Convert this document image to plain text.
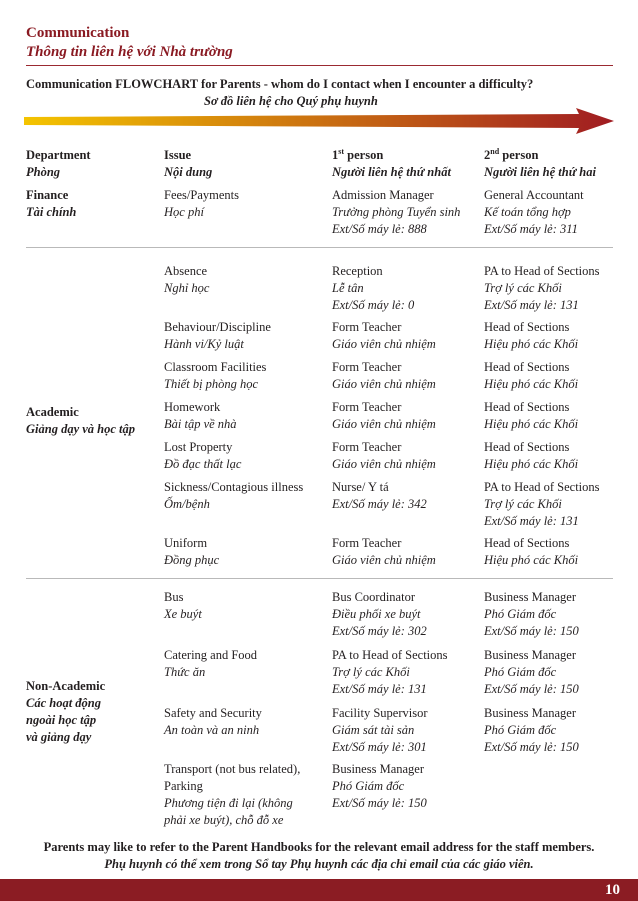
Communication
Thông tin liên hệ với Nhà trường
Communication FLOWCHART for Parents - whom do I contact when I encounter a difficulty?
Sơ đồ liên hệ cho Quý phụ huynh
Department
Phòng
Issue
Nội dung
1st person
Người liên hệ thứ nhất
2nd person
Người liên hệ thứ hai
Finance
Tài chính
Fees/Payments
Học phí
Admission Manager
Trưởng phòng Tuyển sinh
Ext/Số máy lẻ: 888
General Accountant
Kế toán tổng hợp
Ext/Số máy lẻ: 311
Academic
Giảng dạy và học tập
Absence
Nghỉ học
Reception
Lễ tân
Ext/Số máy lẻ: 0
PA to Head of Sections
Trợ lý các Khối
Ext/Số máy lẻ: 131
Behaviour/Discipline
Hành vi/Kỷ luật
Form Teacher
Giáo viên chủ nhiệm
Head of Sections
Hiệu phó các Khối
Classroom Facilities
Thiết bị phòng học
Form Teacher
Giáo viên chủ nhiệm
Head of Sections
Hiệu phó các Khối
Homework
Bài tập về nhà
Form Teacher
Giáo viên chủ nhiệm
Head of Sections
Hiệu phó các Khối
Lost Property
Đồ đạc thất lạc
Form Teacher
Giáo viên chủ nhiệm
Head of Sections
Hiệu phó các Khối
Sickness/Contagious illness
Ốm/bệnh
Nurse/ Y tá
Ext/Số máy lẻ: 342
PA to Head of Sections
Trợ lý các Khối
Ext/Số máy lẻ: 131
Uniform
Đồng phục
Form Teacher
Giáo viên chủ nhiệm
Head of Sections
Hiệu phó các Khối
Non-Academic
Các hoạt động
ngoài học tập
và giảng dạy
Bus
Xe buýt
Bus Coordinator
Điều phối xe buýt
Ext/Số máy lẻ: 302
Business Manager
Phó Giám đốc
Ext/Số máy lẻ: 150
Catering and Food
Thức ăn
PA to Head of Sections
Trợ lý các Khối
Ext/Số máy lẻ: 131
Business Manager
Phó Giám đốc
Ext/Số máy lẻ: 150
Safety and Security
An toàn và an ninh
Facility Supervisor
Giám sát tài sản
Ext/Số máy lẻ: 301
Business Manager
Phó Giám đốc
Ext/Số máy lẻ: 150
Transport (not bus related),
Parking
Phương tiện đi lại (không
phải xe buýt), chỗ đỗ xe
Business Manager
Phó Giám đốc
Ext/Số máy lẻ: 150
Parents may like to refer to the Parent Handbooks for the relevant email address for the staff members.
Phụ huynh có thể xem trong Sổ tay Phụ huynh các địa chỉ email của các giáo viên.
10
